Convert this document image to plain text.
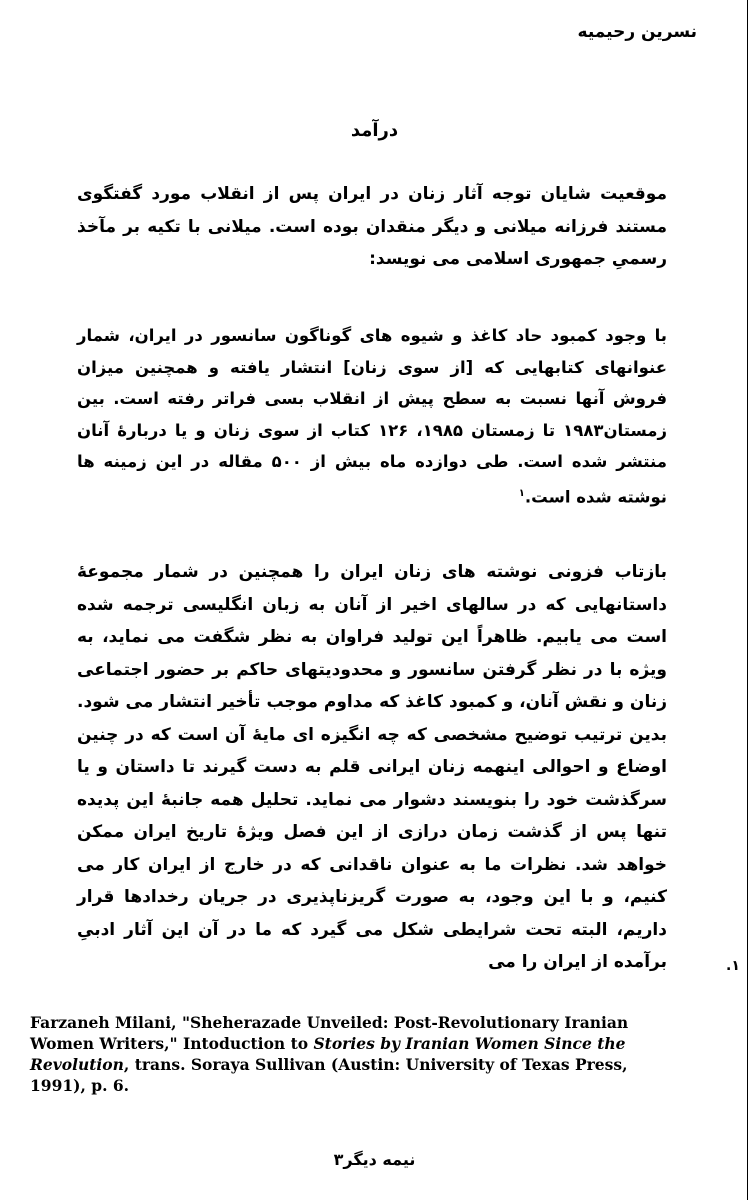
نسرین رحیمیه
درآمد

موقعیت شایان توجه آثار زنان در ایران پس از انقلاب مورد گفتگوی مستند فرزانه میلانی و دیگر منقدان بوده است. میلانی با تکیه بر مآخذ رسمیِ جمهوری اسلامی می نویسد:

با وجود کمبود حاد کاغذ و شیوه های گوناگون سانسور در ایران، شمار عنوانهای کتابهایی که [از سوی زنان] انتشار یافته و همچنین میزان فروش آنها نسبت به سطح پیش از انقلاب بسی فراتر رفته است. بین زمستان۱۹۸۳ تا زمستان ۱۹۸۵، ۱۲۶ کتاب از سوی زنان و یا دربارهٔ آنان منتشر شده است. طی دوازده ماه بیش از ۵۰۰ مقاله در این زمینه ها نوشته شده است.$^۱$

بازتاب فزونی نوشته های زنان ایران را همچنین در شمار مجموعهٔ داستانهایی که در سالهای اخیر از آنان به زبان انگلیسی ترجمه شده است می یابیم. ظاهراً این تولید فراوان به نظر شگفت می نماید، به ویژه با در نظر گرفتن سانسور و محدودیتهای حاکم بر حضور اجتماعی زنان و نقش آنان، و کمبود کاغذ که مداوم موجب تأخیر انتشار می شود. بدین ترتیب توضیح مشخصی که چه انگیزه ای مایهٔ آن است که در چنین اوضاع و احوالی اینهمه زنان ایرانی قلم به دست گیرند تا داستان و یا سرگذشت خود را بنویسند دشوار می نماید. تحلیل همه جانبهٔ این پدیده تنها پس از گذشت زمان درازی از این فصل ویژهٔ تاریخ ایران ممکن خواهد شد. نظرات ما به عنوان ناقدانی که در خارج از ایران کار می کنیم، و با این وجود، به صورت گریزناپذیری در جریان رخدادها قرار داریم، البته تحت شرایطی شکل می گیرد که ما در آن این آثار ادبیِ برآمده از ایران را می	۱.
Farzaneh Milani, "Sheherazade Unveiled: Post-Revolutionary Iranian Women Writers," Intoduction to Stories by Iranian Women Since the Revolution, trans. Soraya Sullivan (Austin: University of Texas Press, 1991), p. 6.
نیمه دیگر۳
